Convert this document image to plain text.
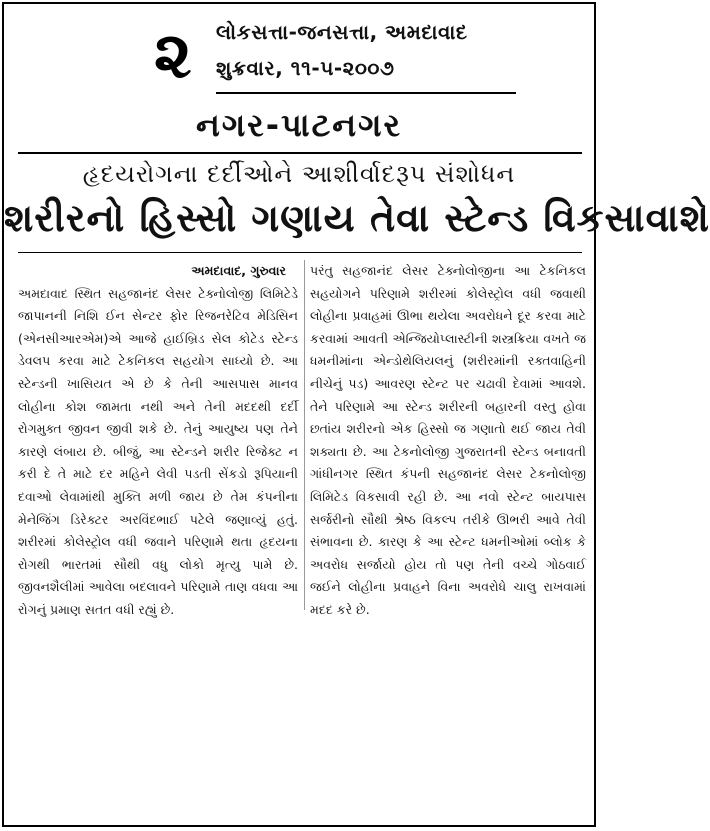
૨ લોકસત્તા-જનસત્તા, અમદાવાદ
શુક્રવાર, ૧૧-૫-૨૦૦૭
નગર-પાટનગર
હૃદયરોગના દર્દીઓને આશીર્વાદરૂપ સંશોધન
શરીરનો હિસ્સો ગણાય તેવા સ્ટેન્ડ વિકસાવાશે
અમદાવાદ, ગુરુવાર
અમદાવાદ સ્થિત સહજાનંદ લેસર ટેક્નોલોજી લિમિટેડે જાપાનની નિશિ ઈન સેન્ટર ફોર રિજનરેટિવ મેડિસિન (એનસીઆરએમ)એ આજે હાઈબ્રિડ સેલ કોટેડ સ્ટેન્ડ ડેવલપ કરવા માટે ટેકનિકલ સહયોગ સાધ્યો છે. આ સ્ટેન્ડની ખાસિયત એ છે કે તેની આસપાસ માનવ લોહીના કોશ જામતા નથી અને તેની મદદથી દર્દી રોગમુક્ત જીવન જીવી શકે છે. તેનું આયુષ્ય પણ તેને કારણે લંબાય છે. બીજું, આ સ્ટેન્ડને શરીર રિજેક્ટ ન કરી દે તે માટે દર મહિને લેવી પડતી સેંકડો રૂપિયાની દવાઓ લેવામાંથી મુક્તિ મળી જાય છે તેમ કંપનીના મેનેજિંગ ડિરેક્ટર અરવિંદભાઈ પટેલે જણાવ્યું હતું. શરીરમાં કોલેસ્ટ્રોલ વધી જવાને પરિણામે થતા હૃદયના રોગથી ભારતમાં સૌથી વધુ લોકો મૃત્યુ પામે છે. જીવનશૈલીમાં આવેલા બદલાવને પરિણામે તાણ વધવા આ રોગનું પ્રમાણ સતત વધી રહ્યું છે.
પરંતુ સહજાનંદ લેસર ટેક્નોલોજીના આ ટેકનિકલ સહયોગને પરિણામે શરીરમાં કોલેસ્ટ્રોલ વધી જવાથી લોહીના પ્રવાહમાં ઊભા થયેલા અવરોધને દૂર કરવા માટે કરવામાં આવતી એન્જિયોપ્લાસ્ટીની શસ્ત્રક્રિયા વખતે જ ધમનીમાંના એન્ડોથેલિયલનું (શરીરમાંની રક્તવાહિની નીચેનું પડ) આવરણ સ્ટેન્ટ પર ચઢાવી દેવામાં આવશે. તેને પરિણામે આ સ્ટેન્ડ શરીરની બહારની વસ્તુ હોવા છતાંય શરીરનો એક હિસ્સો જ ગણાતો થઈ જાય તેવી શક્યતા છે. આ ટેકનોલોજી ગુજરાતની સ્ટેન્ડ બનાવતી ગાંધીનગર સ્થિત કંપની સહજાનંદ લેસર ટેકનોલોજી લિમિટેડ વિકસાવી રહી છે. આ નવો સ્ટેન્ટ બાયપાસ સર્જરીનો સૌથી શ્રેષ્ઠ વિકલ્પ તરીકે ઊભરી આવે તેવી સંભાવના છે. કારણ કે આ સ્ટેન્ટ ધમનીઓમાં બ્લોક કે અવરોધ સર્જાયો હોય તો પણ તેની વચ્ચે ગોઠવાઈ જઈને લોહીના પ્રવાહને વિના અવરોધે ચાલુ રાખવામાં મદદ કરે છે.
